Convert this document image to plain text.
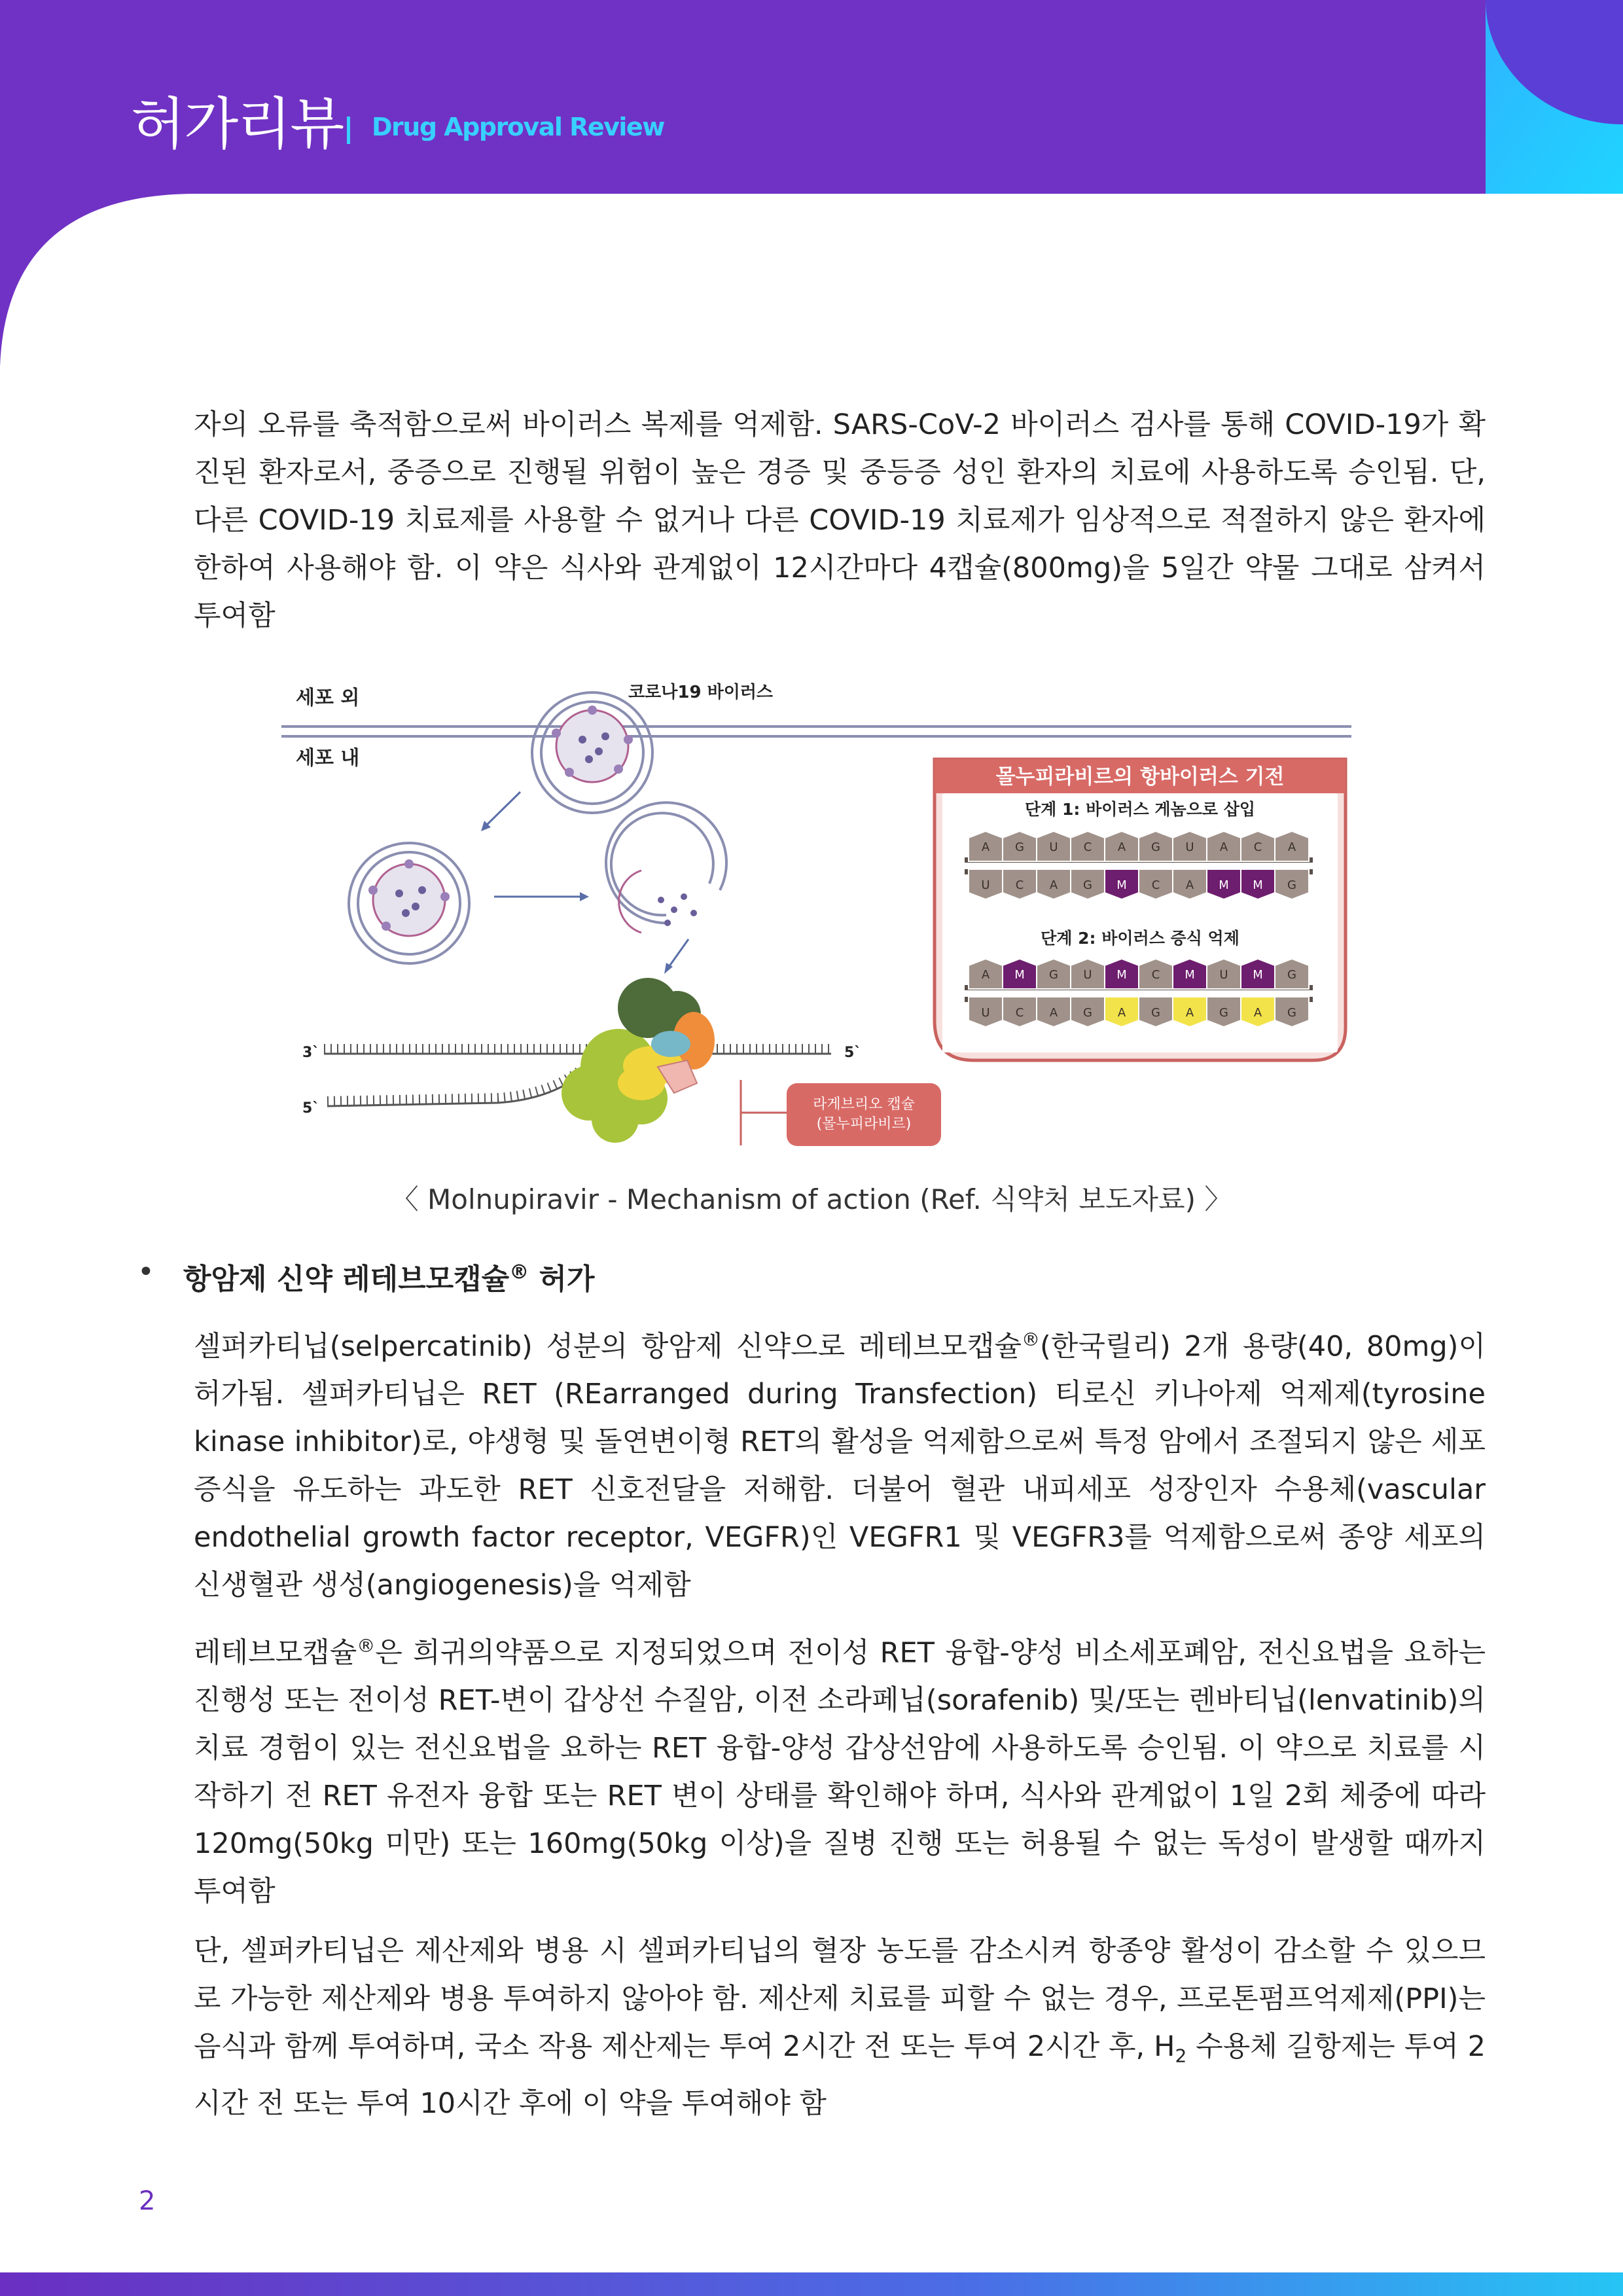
허가리뷰 Drug Approval Review

자의 오류를 축적함으로써 바이러스 복제를 억제함. SARS-CoV-2 바이러스 검사를 통해 COVID-19가 확진된 환자로서, 중증으로 진행될 위험이 높은 경증 및 중등증 성인 환자의 치료에 사용하도록 승인됨. 단, 다른 COVID-19 치료제를 사용할 수 없거나 다른 COVID-19 치료제가 임상적으로 적절하지 않은 환자에 한하여 사용해야 함. 이 약은 식사와 관계없이 12시간마다 4캡슐(800mg)을 5일간 약물 그대로 삼켜서 투여함

세포 외
세포 내
코로나19 바이러스
3`	5`
5`	라게브리오 캡슐
(몰누피라비르)
몰누피라비르의 항바이러스 기전
단계 1: 바이러스 게놈으로 삽입
단계 2: 바이러스 증식 억제
A G U C A G U A C A
U C A G M C A M M G
A M G U M C M U M G
U C A G A G A G A G
〈 Molnupiravir - Mechanism of action (Ref. 식약처 보도자료) 〉
• 항암제 신약 레테브모캡슐® 허가

셀퍼카티닙(selpercatinib) 성분의 항암제 신약으로 레테브모캡슐®(한국릴리) 2개 용량(40, 80mg)이 허가됨. 셀퍼카티닙은 RET (REarranged during Transfection) 티로신 키나아제 억제제(tyrosine kinase inhibitor)로, 야생형 및 돌연변이형 RET의 활성을 억제함으로써 특정 암에서 조절되지 않은 세포 증식을 유도하는 과도한 RET 신호전달을 저해함. 더불어 혈관 내피세포 성장인자 수용체(vascular endothelial growth factor receptor, VEGFR)인 VEGFR1 및 VEGFR3를 억제함으로써 종양 세포의 신생혈관 생성(angiogenesis)을 억제함

레테브모캡슐®은 희귀의약품으로 지정되었으며 전이성 RET 융합-양성 비소세포폐암, 전신요법을 요하는 진행성 또는 전이성 RET-변이 갑상선 수질암, 이전 소라페닙(sorafenib) 및/또는 렌바티닙(lenvatinib)의 치료 경험이 있는 전신요법을 요하는 RET 융합-양성 갑상선암에 사용하도록 승인됨. 이 약으로 치료를 시작하기 전 RET 유전자 융합 또는 RET 변이 상태를 확인해야 하며, 식사와 관계없이 1일 2회 체중에 따라 120mg(50kg 미만) 또는 160mg(50kg 이상)을 질병 진행 또는 허용될 수 없는 독성이 발생할 때까지 투여함

단, 셀퍼카티닙은 제산제와 병용 시 셀퍼카티닙의 혈장 농도를 감소시켜 항종양 활성이 감소할 수 있으므로 가능한 제산제와 병용 투여하지 않아야 함. 제산제 치료를 피할 수 없는 경우, 프로톤펌프억제제(PPI)는 음식과 함께 투여하며, 국소 작용 제산제는 투여 2시간 전 또는 투여 2시간 후, $H_2$ 수용체 길항제는 투여 2시간 전 또는 투여 10시간 후에 이 약을 투여해야 함

2
